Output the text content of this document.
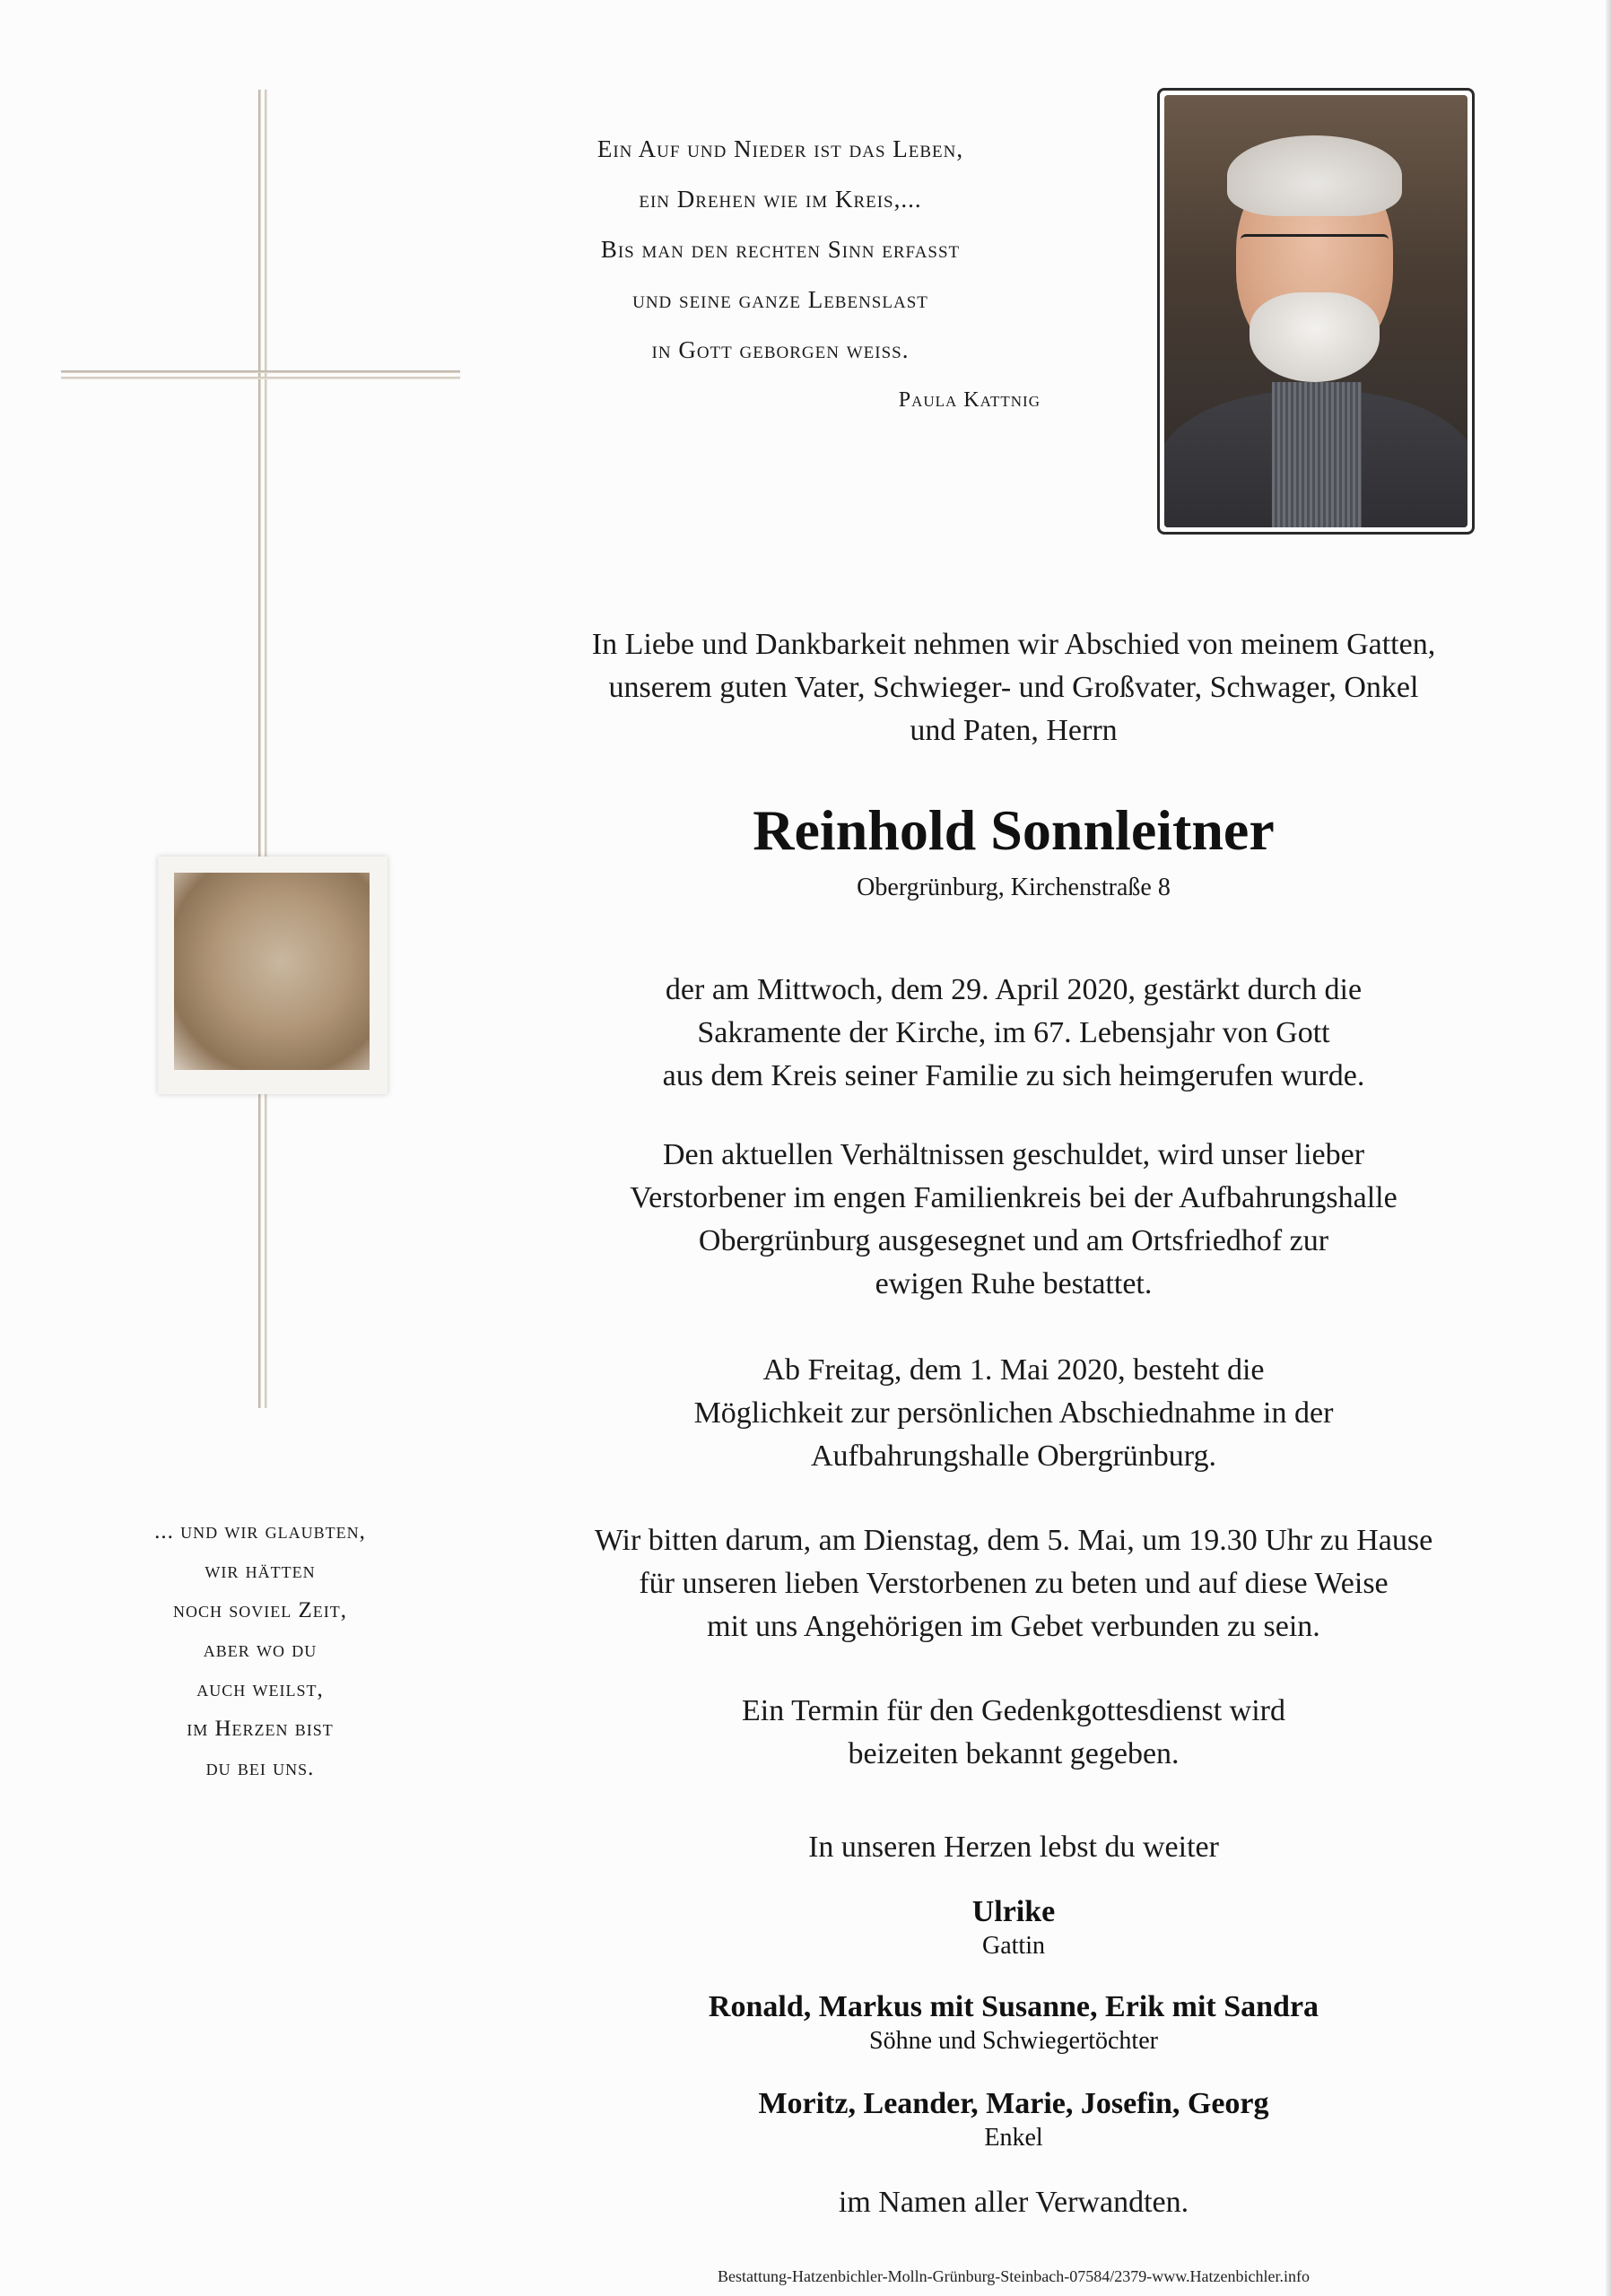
Ein Auf und Nieder ist das Leben,
ein Drehen wie im Kreis,...
Bis man den rechten Sinn erfasst
und seine ganze Lebenslast
in Gott geborgen weiss.
Paula Kattnig
... und wir glaubten,
wir hätten
noch soviel Zeit,
aber wo du
auch weilst,
im Herzen bist
du bei uns.
In Liebe und Dankbarkeit nehmen wir Abschied von meinem Gatten,
unserem guten Vater, Schwieger- und Großvater, Schwager, Onkel
und Paten, Herrn
Reinhold Sonnleitner
Obergrünburg, Kirchenstraße 8
der am Mittwoch, dem 29. April 2020, gestärkt durch die
Sakramente der Kirche, im 67. Lebensjahr von Gott
aus dem Kreis seiner Familie zu sich heimgerufen wurde.
Den aktuellen Verhältnissen geschuldet, wird unser lieber
Verstorbener im engen Familienkreis bei der Aufbahrungshalle
Obergrünburg ausgesegnet und am Ortsfriedhof zur
ewigen Ruhe bestattet.
Ab Freitag, dem 1. Mai 2020, besteht die
Möglichkeit zur persönlichen Abschiednahme in der
Aufbahrungshalle Obergrünburg.
Wir bitten darum, am Dienstag, dem 5. Mai, um 19.30 Uhr zu Hause
für unseren lieben Verstorbenen zu beten und auf diese Weise
mit uns Angehörigen im Gebet verbunden zu sein.
Ein Termin für den Gedenkgottesdienst wird
beizeiten bekannt gegeben.
In unseren Herzen lebst du weiter
Ulrike
Gattin
Ronald, Markus mit Susanne, Erik mit Sandra
Söhne und Schwiegertöchter
Moritz, Leander, Marie, Josefin, Georg
Enkel
im Namen aller Verwandten.
Bestattung-Hatzenbichler-Molln-Grünburg-Steinbach-07584/2379-www.Hatzenbichler.info
